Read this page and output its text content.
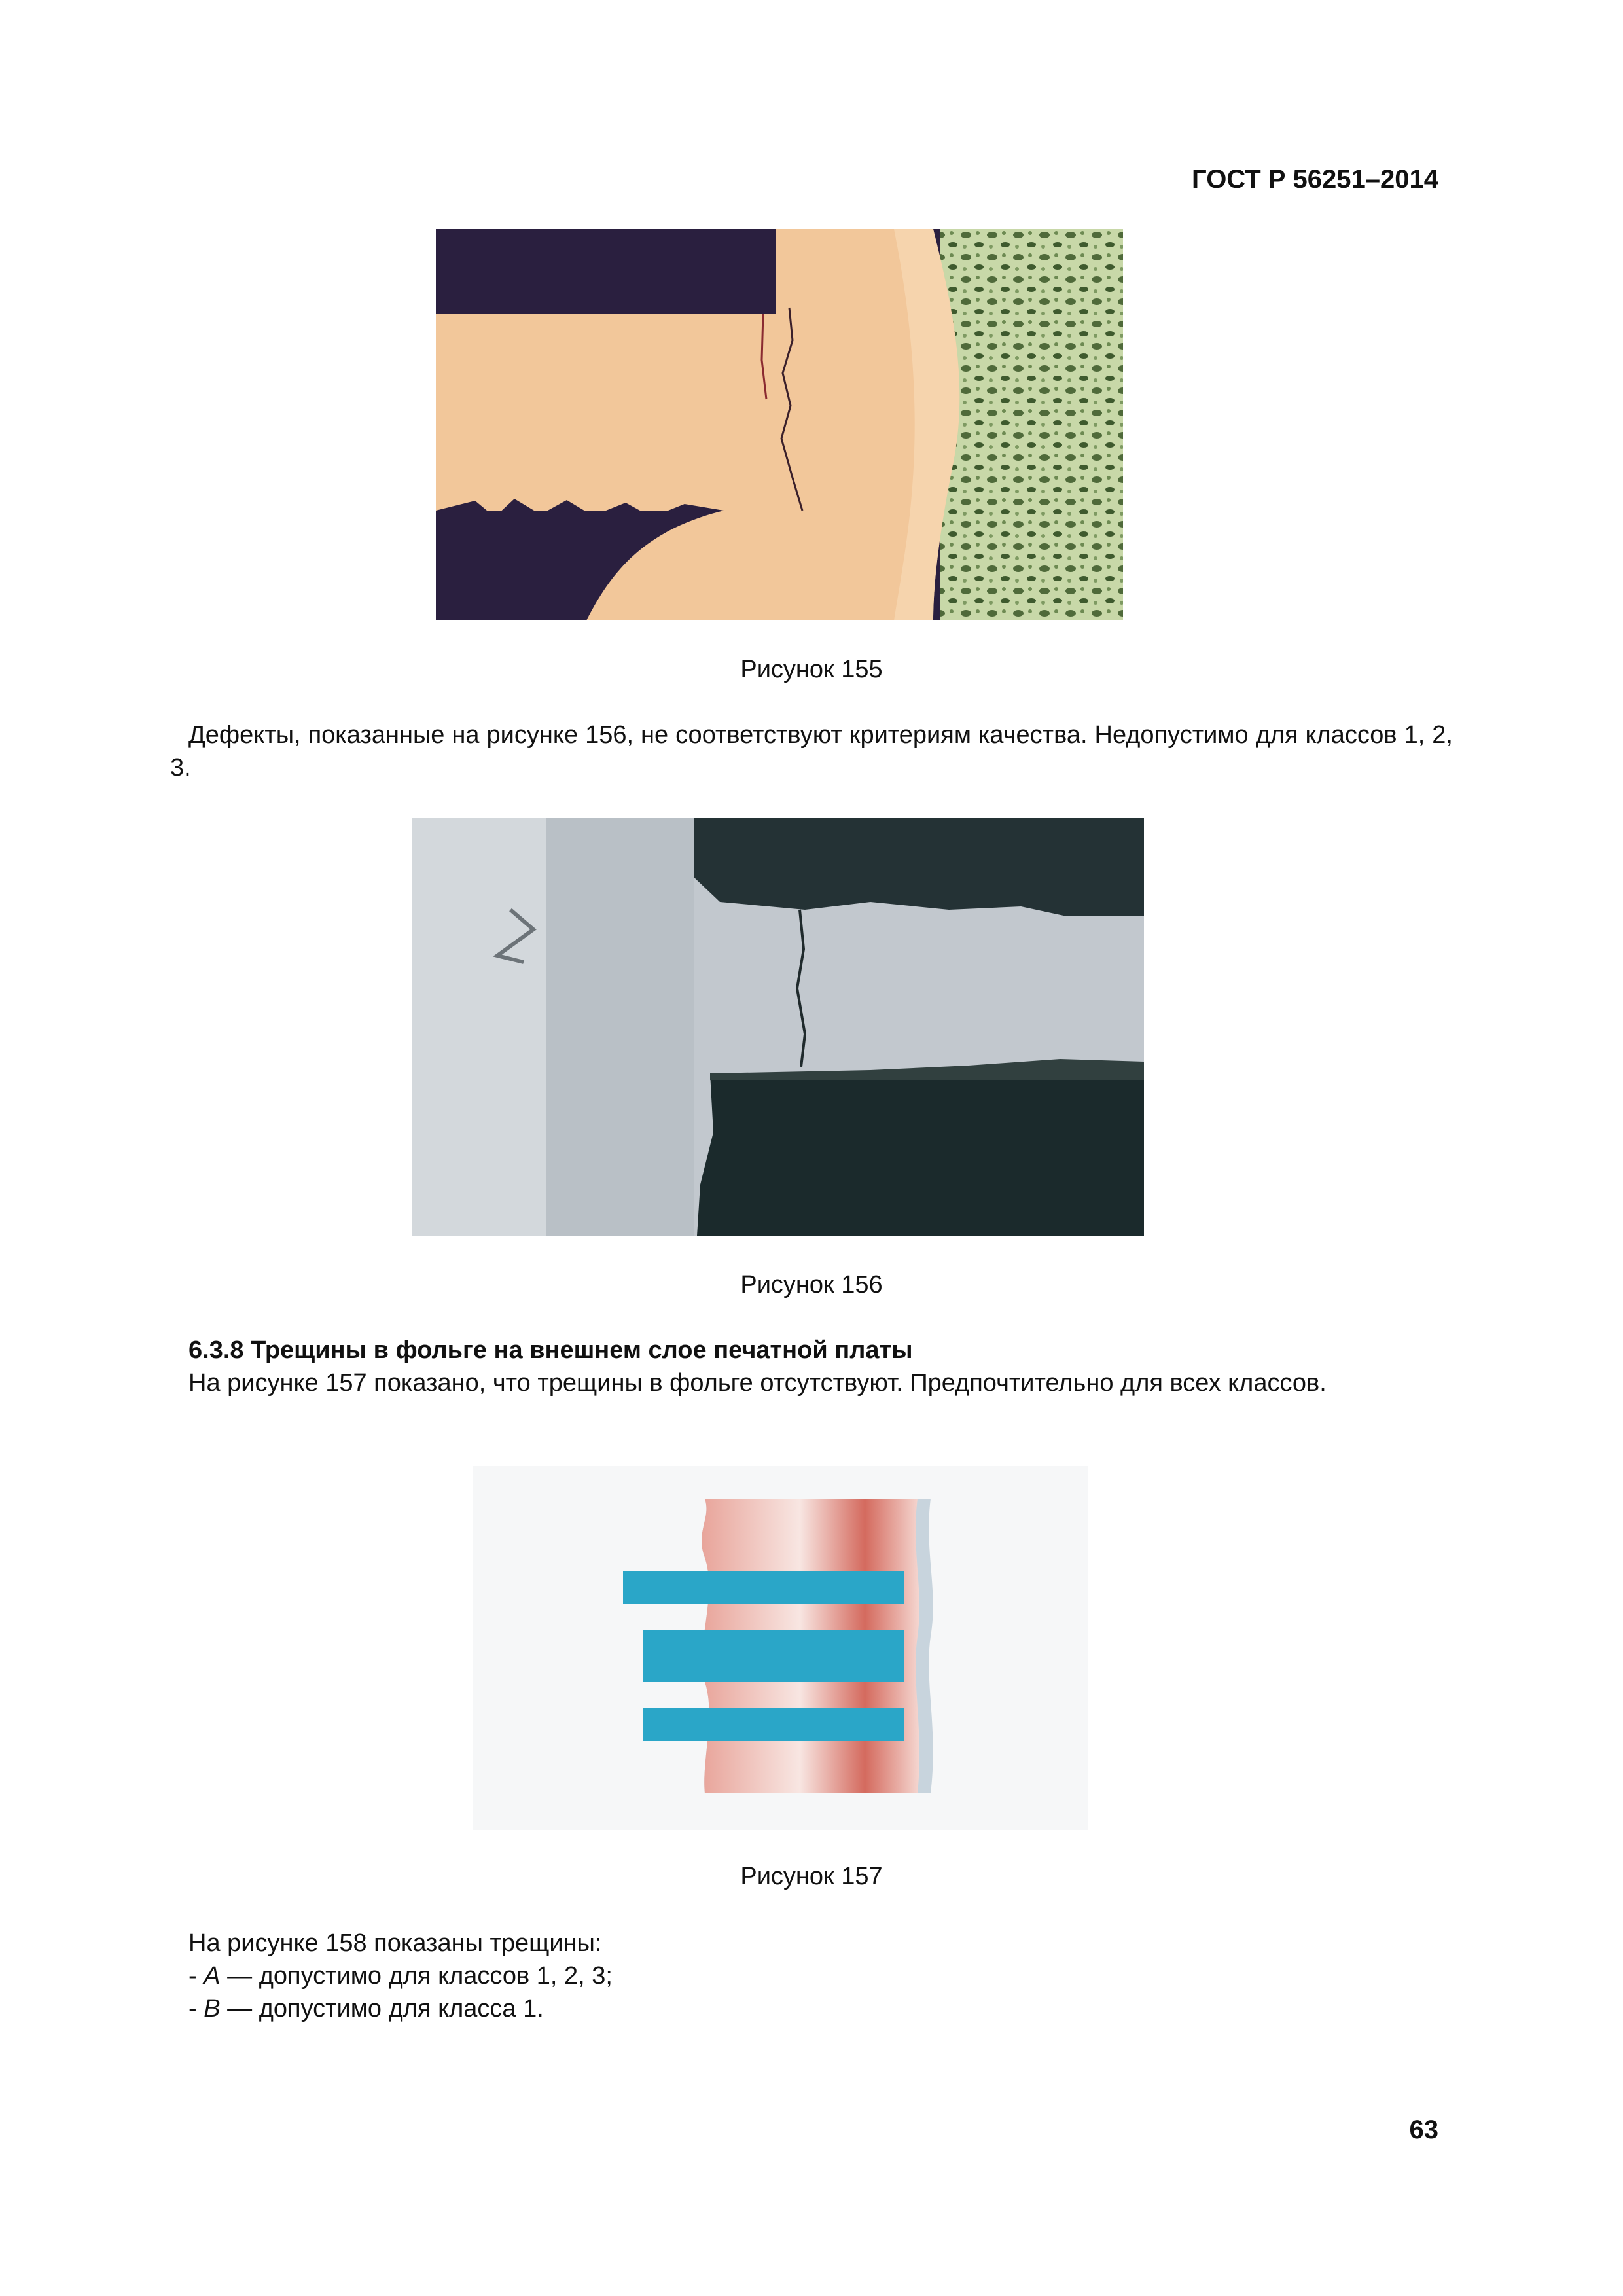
ГОСТ Р 56251–2014
Рисунок 155
Дефекты, показанные на рисунке 156, не соответствуют критериям качества. Недопустимо для классов 1, 2, 3.
Рисунок 156
6.3.8 Трещины в фольге на внешнем слое печатной платы
На рисунке 157 показано, что трещины в фольге отсутствуют. Предпочтительно для всех классов.
Рисунок 157
На рисунке 158 показаны трещины:
- A — допустимо для классов 1, 2, 3;
- B — допустимо для класса 1.
63
